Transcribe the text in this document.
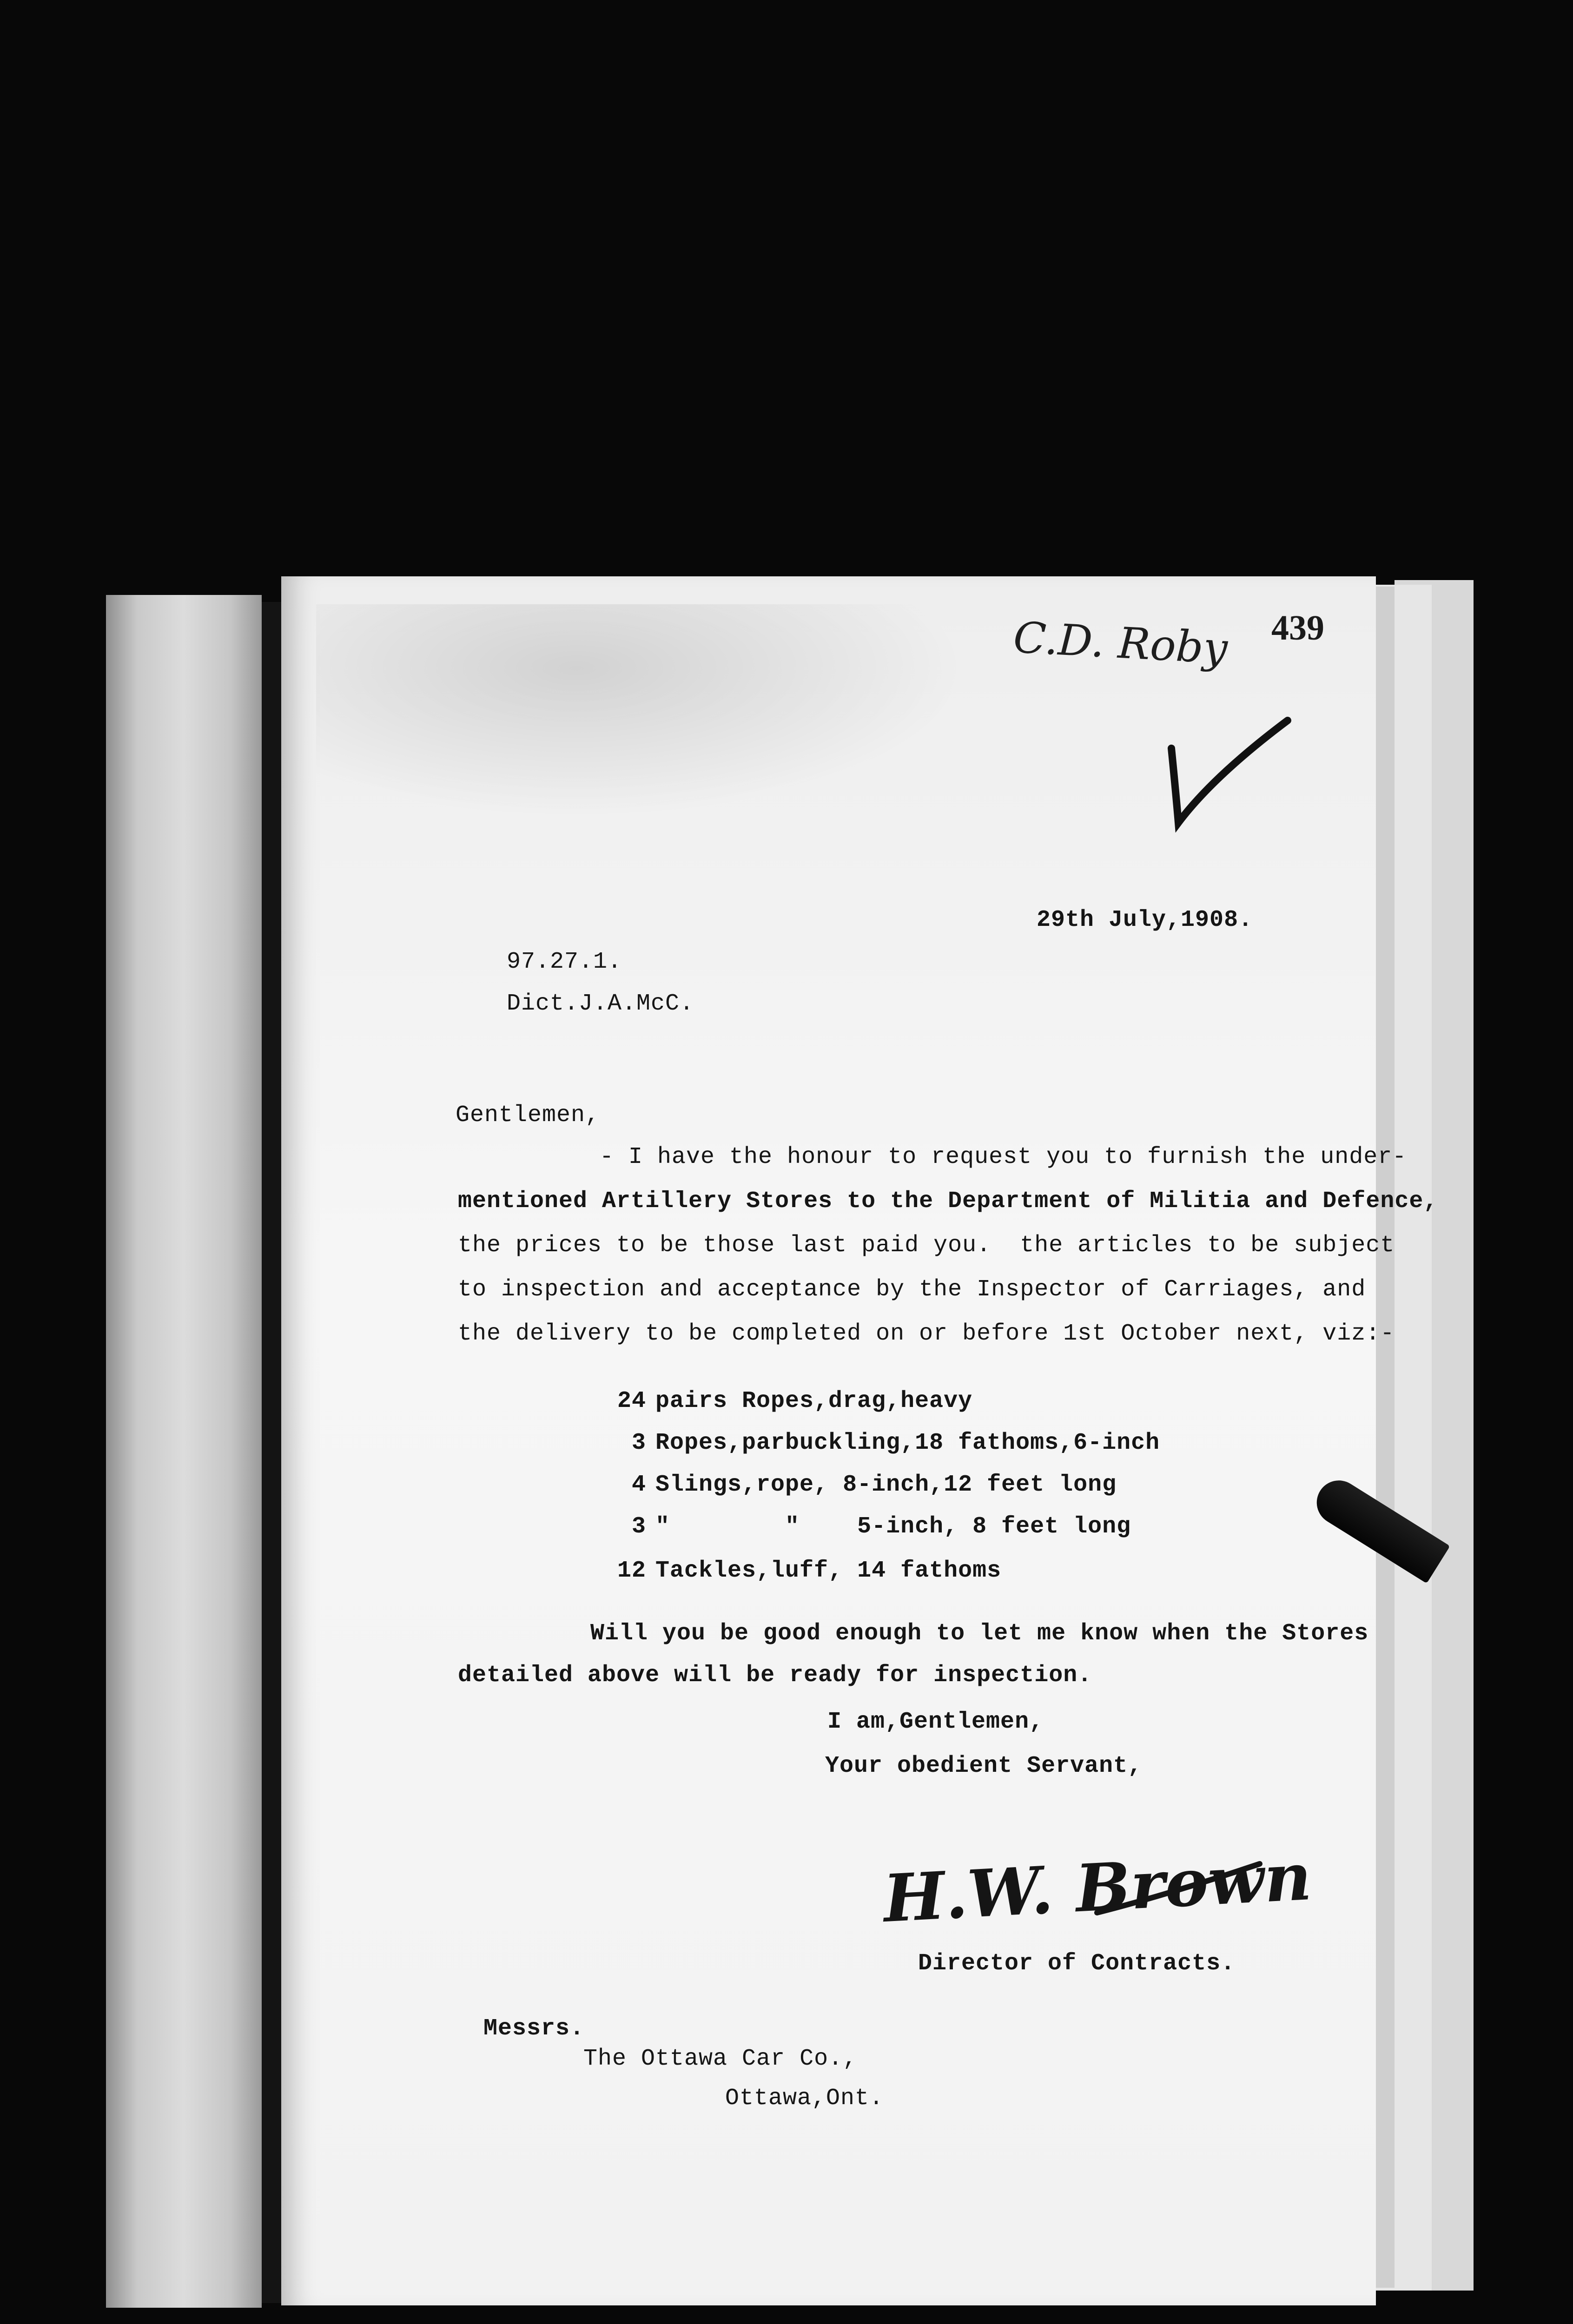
439
C.D. Roby
29th July,1908.
97.27.1.
Dict.J.A.McC.
Gentlemen,
- I have the honour to request you to furnish the under-
mentioned Artillery Stores to the Department of Militia and Defence,
the prices to be those last paid you.  the articles to be subject
to inspection and acceptance by the Inspector of Carriages, and
the delivery to be completed on or before 1st October next, viz:-
24 pairs Ropes,drag,heavy
3 Ropes,parbuckling,18 fathoms,6-inch
4 Slings,rope, 8-inch,12 feet long
3 "        "    5-inch, 8 feet long
12 Tackles,luff, 14 fathoms
Will you be good enough to let me know when the Stores
detailed above will be ready for inspection.
I am,Gentlemen,
Your obedient Servant,
H.W. Brown
Director of Contracts.
Messrs.
The Ottawa Car Co.,
Ottawa,Ont.
